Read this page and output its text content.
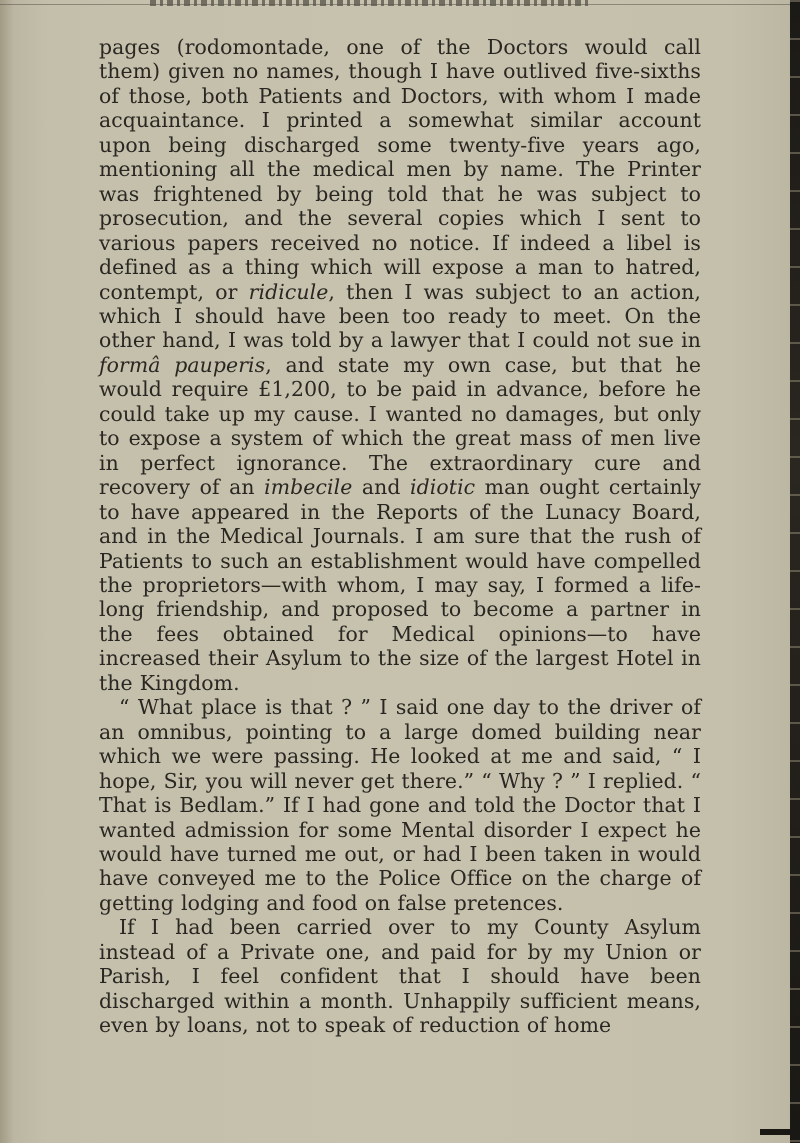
pages (rodomontade, one of the Doctors would call them) given no names, though I have outlived five-sixths of those, both Patients and Doctors, with whom I made acquaintance. I printed a somewhat similar account upon being discharged some twenty-five years ago, mentioning all the medical men by name. The Printer was frightened by being told that he was subject to prosecution, and the several copies which I sent to various papers received no notice. If indeed a libel is defined as a thing which will expose a man to hatred, contempt, or ridicule, then I was subject to an action, which I should have been too ready to meet. On the other hand, I was told by a lawyer that I could not sue in formâ pauperis, and state my own case, but that he would require £1,200, to be paid in advance, before he could take up my cause. I wanted no damages, but only to expose a system of which the great mass of men live in perfect ignorance. The extraordinary cure and recovery of an imbecile and idiotic man ought certainly to have appeared in the Reports of the Lunacy Board, and in the Medical Journals. I am sure that the rush of Patients to such an establishment would have compelled the proprietors—with whom, I may say, I formed a life-long friendship, and proposed to become a partner in the fees obtained for Medical opinions—to have increased their Asylum to the size of the largest Hotel in the Kingdom.

“ What place is that ? ” I said one day to the driver of an omnibus, pointing to a large domed building near which we were passing. He looked at me and said, “ I hope, Sir, you will never get there.” “ Why ? ” I replied. “ That is Bedlam.” If I had gone and told the Doctor that I wanted admission for some Mental disorder I expect he would have turned me out, or had I been taken in would have conveyed me to the Police Office on the charge of getting lodging and food on false pretences.

If I had been carried over to my County Asylum instead of a Private one, and paid for by my Union or Parish, I feel confident that I should have been discharged within a month. Unhappily sufficient means, even by loans, not to speak of reduction of home
